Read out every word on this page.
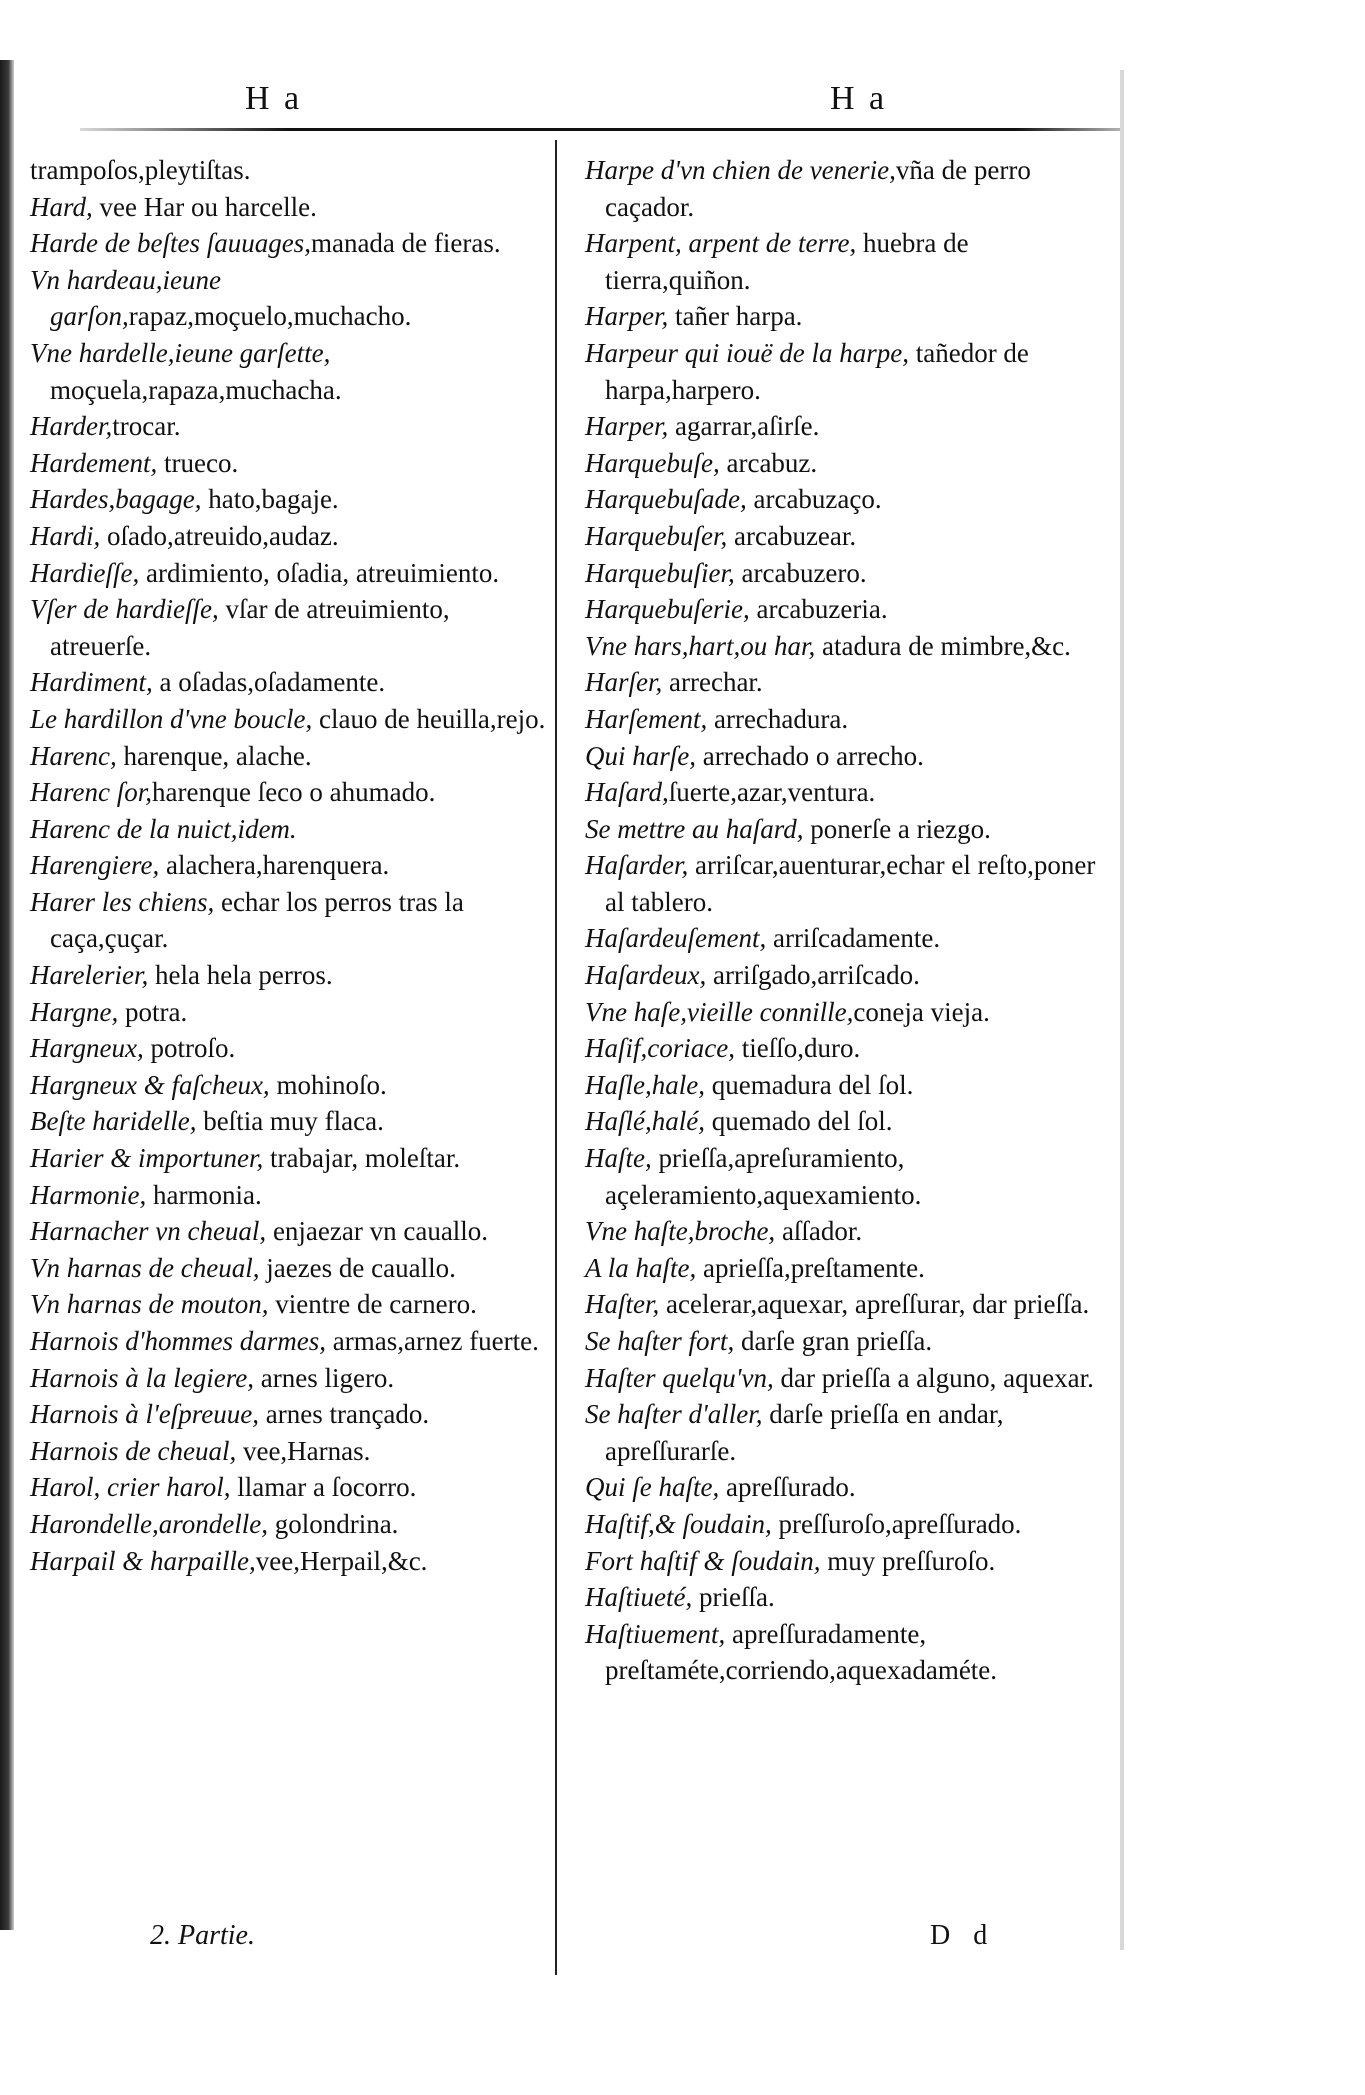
H a	H a
trampoſos,pleytiſtas.
Hard, vee Har ou harcelle.
Harde de beſtes ſauuages,manada de fieras.
Vn hardeau,ieune garſon,rapaz,moçuelo,muchacho.
Vne hardelle,ieune garſette, moçuela,rapaza,muchacha.
Harder,trocar.
Hardement, trueco.
Hardes,bagage, hato,bagaje.
Hardi, oſado,atreuido,audaz.
Hardieſſe, ardimiento, oſadia, atreuimiento.
Vſer de hardieſſe, vſar de atreuimiento, atreuerſe.
Hardiment, a oſadas,oſadamente.
Le hardillon d'vne boucle, clauo de heuilla,rejo.
Harenc, harenque, alache.
Harenc ſor,harenque ſeco o ahumado.
Harenc de la nuict,idem.
Harengiere, alachera,harenquera.
Harer les chiens, echar los perros tras la caça,çuçar.
Harelerier, hela hela perros.
Hargne, potra.
Hargneux, potroſo.
Hargneux & faſcheux, mohinoſo.
Beſte haridelle, beſtia muy flaca.
Harier & importuner, trabajar, moleſtar.
Harmonie, harmonia.
Harnacher vn cheual, enjaezar vn cauallo.
Vn harnas de cheual, jaezes de cauallo.
Vn harnas de mouton, vientre de carnero.
Harnois d'hommes darmes, armas,arnez fuerte.
Harnois à la legiere, arnes ligero.
Harnois à l'eſpreuue, arnes trançado.
Harnois de cheual, vee,Harnas.
Harol, crier harol, llamar a ſocorro.
Harondelle,arondelle, golondrina.
Harpail & harpaille,vee,Herpail,&c.
Harpe d'vn chien de venerie,vña de perro caçador.
Harpent, arpent de terre, huebra de tierra,quiñon.
Harper, tañer harpa.
Harpeur qui iouë de la harpe, tañedor de harpa,harpero.
Harper, agarrar,aſirſe.
Harquebuſe, arcabuz.
Harquebuſade, arcabuzaço.
Harquebuſer, arcabuzear.
Harquebuſier, arcabuzero.
Harquebuſerie, arcabuzeria.
Vne hars,hart,ou har, atadura de mimbre,&c.
Harſer, arrechar.
Harſement, arrechadura.
Qui harſe, arrechado o arrecho.
Haſard,ſuerte,azar,ventura.
Se mettre au haſard, ponerſe a riezgo.
Haſarder, arriſcar,auenturar,echar el reſto,poner al tablero.
Haſardeuſement, arriſcadamente.
Haſardeux, arriſgado,arriſcado.
Vne haſe,vieille connille,coneja vieja.
Haſif,coriace, tieſſo,duro.
Haſle,hale, quemadura del ſol.
Haſlé,halé, quemado del ſol.
Haſte, prieſſa,apreſuramiento, açeleramiento,aquexamiento.
Vne haſte,broche, aſſador.
A la haſte, aprieſſa,preſtamente.
Haſter, acelerar,aquexar, apreſſurar, dar prieſſa.
Se haſter fort, darſe gran prieſſa.
Haſter quelqu'vn, dar prieſſa a alguno, aquexar.
Se haſter d'aller, darſe prieſſa en andar, apreſſurarſe.
Qui ſe haſte, apreſſurado.
Haſtif,& ſoudain, preſſuroſo,apreſſurado.
Fort haſtif & ſoudain, muy preſſuroſo.
Haſtiueté, prieſſa.
Haſtiuement, apreſſuradamente, preſtaméte,corriendo,aquexadaméte.
2. Partie.	D d
